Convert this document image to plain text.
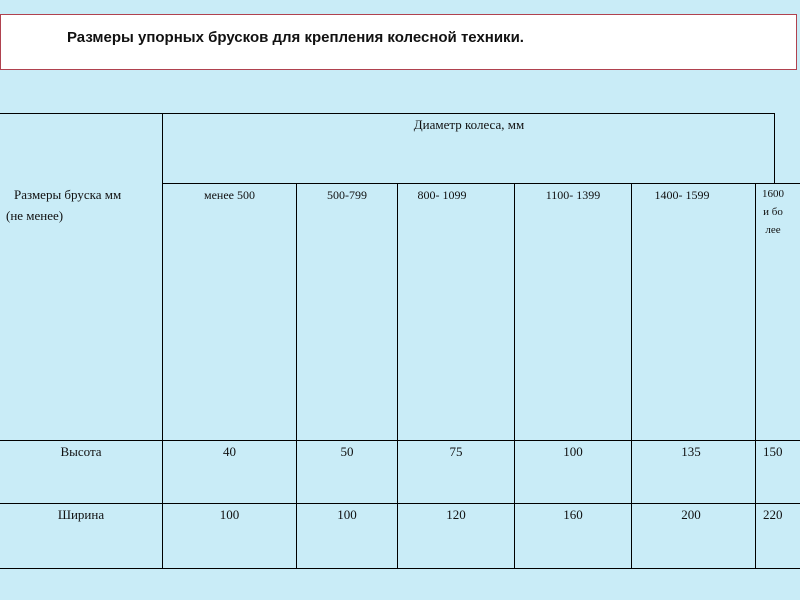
Размеры упорных брусков для крепления колесной техники.
Размеры бруска мм
(не менее)
Диаметр колеса, мм
менее 500	500-799	800- 1099	1100- 1399	1400- 1599	1600 и более
Высота	40	50	75	100	135	150
Ширина	100	100	120	160	200	220
